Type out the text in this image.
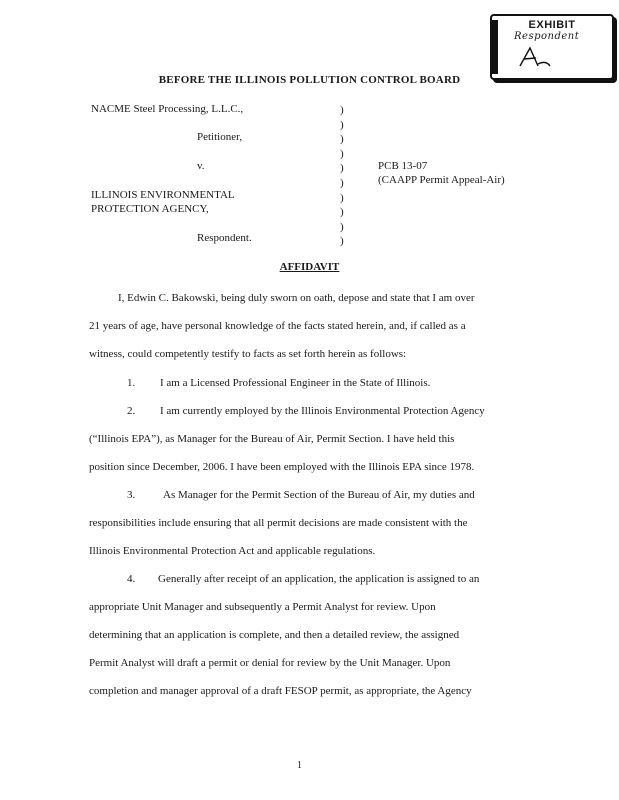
EXHIBIT
Respondent
BEFORE THE ILLINOIS POLLUTION CONTROL BOARD
NACME Steel Processing, L.L.C.,
Petitioner,
v.
ILLINOIS ENVIRONMENTAL
PROTECTION AGENCY,
Respondent.
PCB 13-07
(CAAPP Permit Appeal-Air)
)
)
)
)
)
)
)
)
)
)
AFFIDAVIT
I, Edwin C. Bakowski, being duly sworn on oath, depose and state that I am over
21 years of age, have personal knowledge of the facts stated herein, and, if called as a
witness, could competently testify to facts as set forth herein as follows:
1. I am a Licensed Professional Engineer in the State of Illinois.
2. I am currently employed by the Illinois Environmental Protection Agency
(“Illinois EPA”), as Manager for the Bureau of Air, Permit Section. I have held this
position since December, 2006. I have been employed with the Illinois EPA since 1978.
3.	As Manager for the Permit Section of the Bureau of Air, my duties and
responsibilities include ensuring that all permit decisions are made consistent with the
Illinois Environmental Protection Act and applicable regulations.
4. Generally after receipt of an application, the application is assigned to an
appropriate Unit Manager and subsequently a Permit Analyst for review. Upon
determining that an application is complete, and then a detailed review, the assigned
Permit Analyst will draft a permit or denial for review by the Unit Manager. Upon
completion and manager approval of a draft FESOP permit, as appropriate, the Agency
1
